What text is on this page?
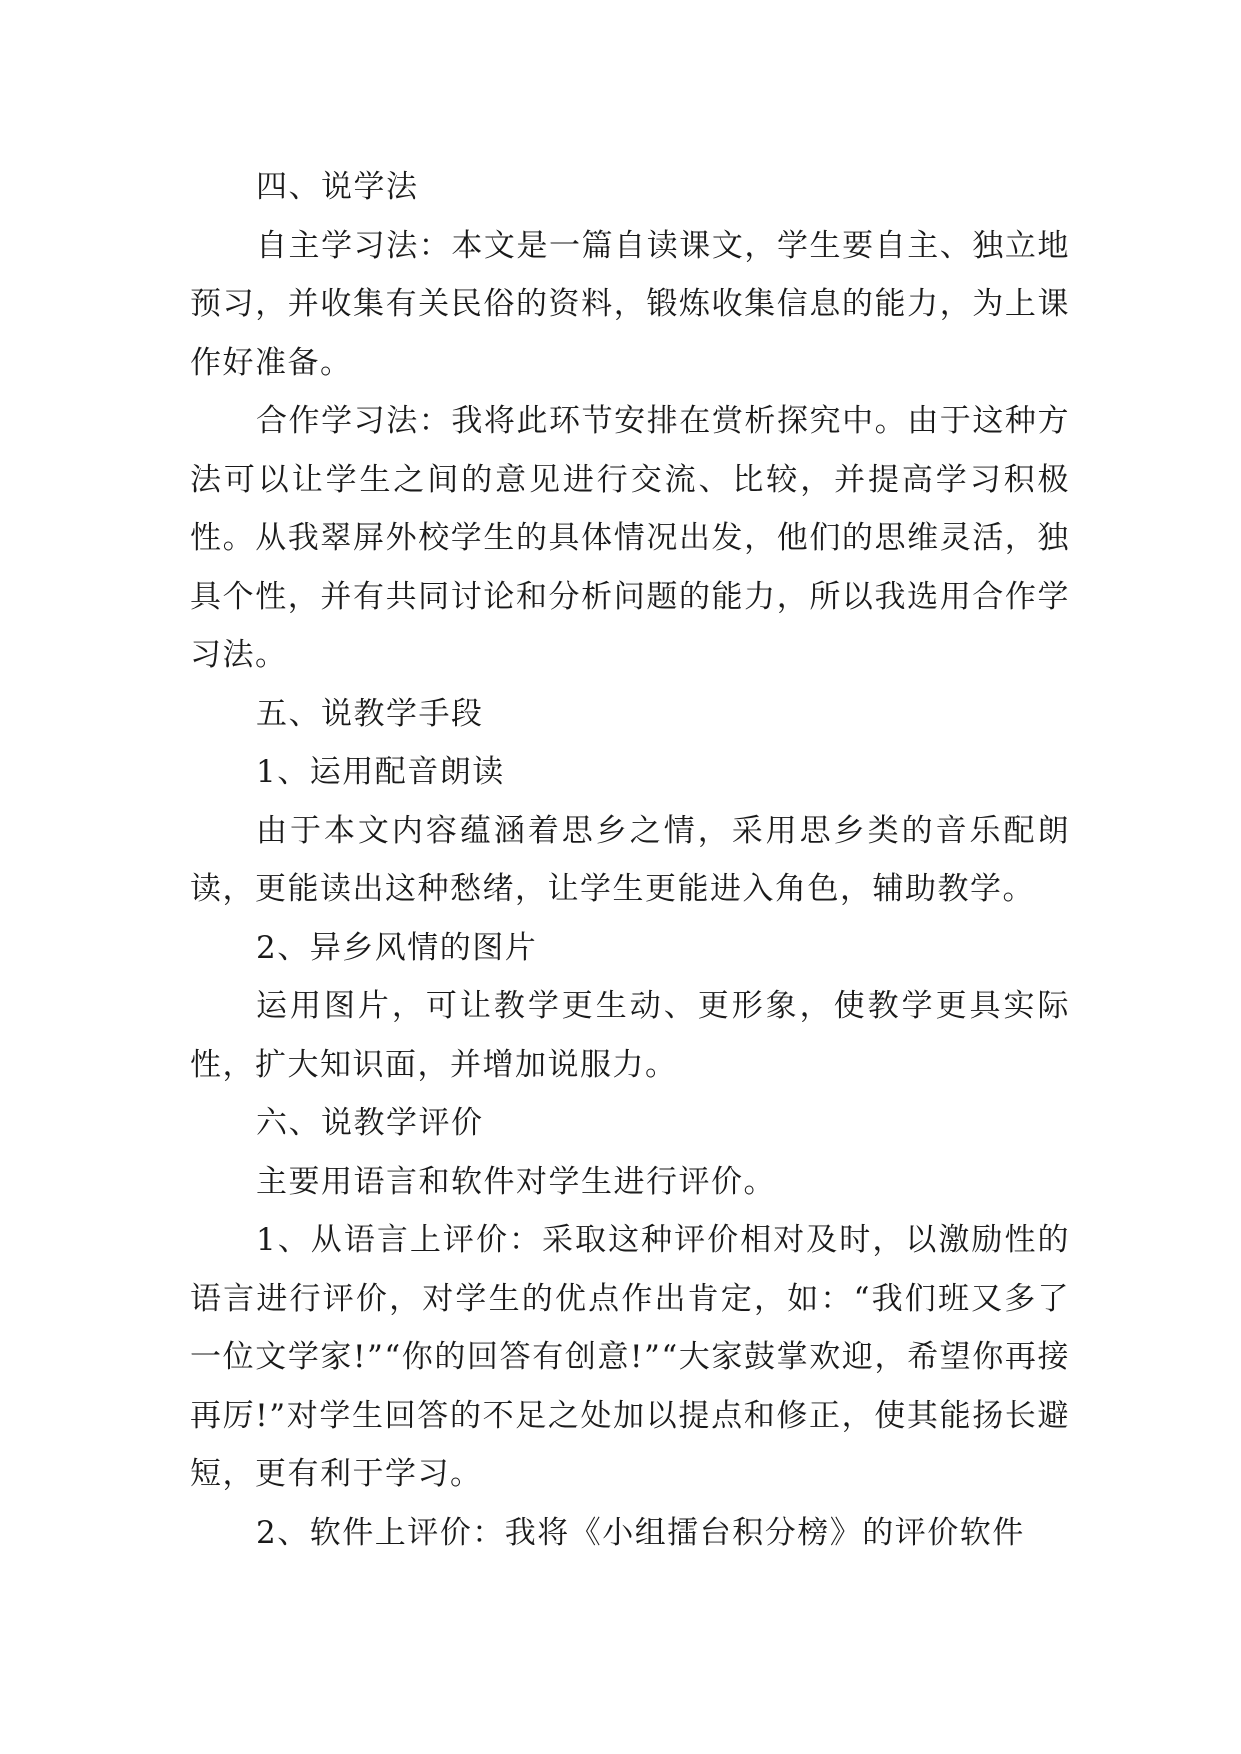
四、说学法

自主学习法：本文是一篇自读课文，学生要自主、独立地预习，并收集有关民俗的资料，锻炼收集信息的能力，为上课作好准备。

合作学习法：我将此环节安排在赏析探究中。由于这种方法可以让学生之间的意见进行交流、比较，并提高学习积极性。从我翠屏外校学生的具体情况出发，他们的思维灵活，独具个性，并有共同讨论和分析问题的能力，所以我选用合作学习法。

五、说教学手段

1、运用配音朗读

由于本文内容蕴涵着思乡之情，采用思乡类的音乐配朗读，更能读出这种愁绪，让学生更能进入角色，辅助教学。

2、异乡风情的图片

运用图片，可让教学更生动、更形象，使教学更具实际性，扩大知识面，并增加说服力。

六、说教学评价

主要用语言和软件对学生进行评价。

1、从语言上评价：采取这种评价相对及时，以激励性的语言进行评价，对学生的优点作出肯定，如：“我们班又多了一位文学家!”“你的回答有创意!”“大家鼓掌欢迎，希望你再接再厉!”对学生回答的不足之处加以提点和修正，使其能扬长避短，更有利于学习。

2、软件上评价：我将《小组擂台积分榜》的评价软件
